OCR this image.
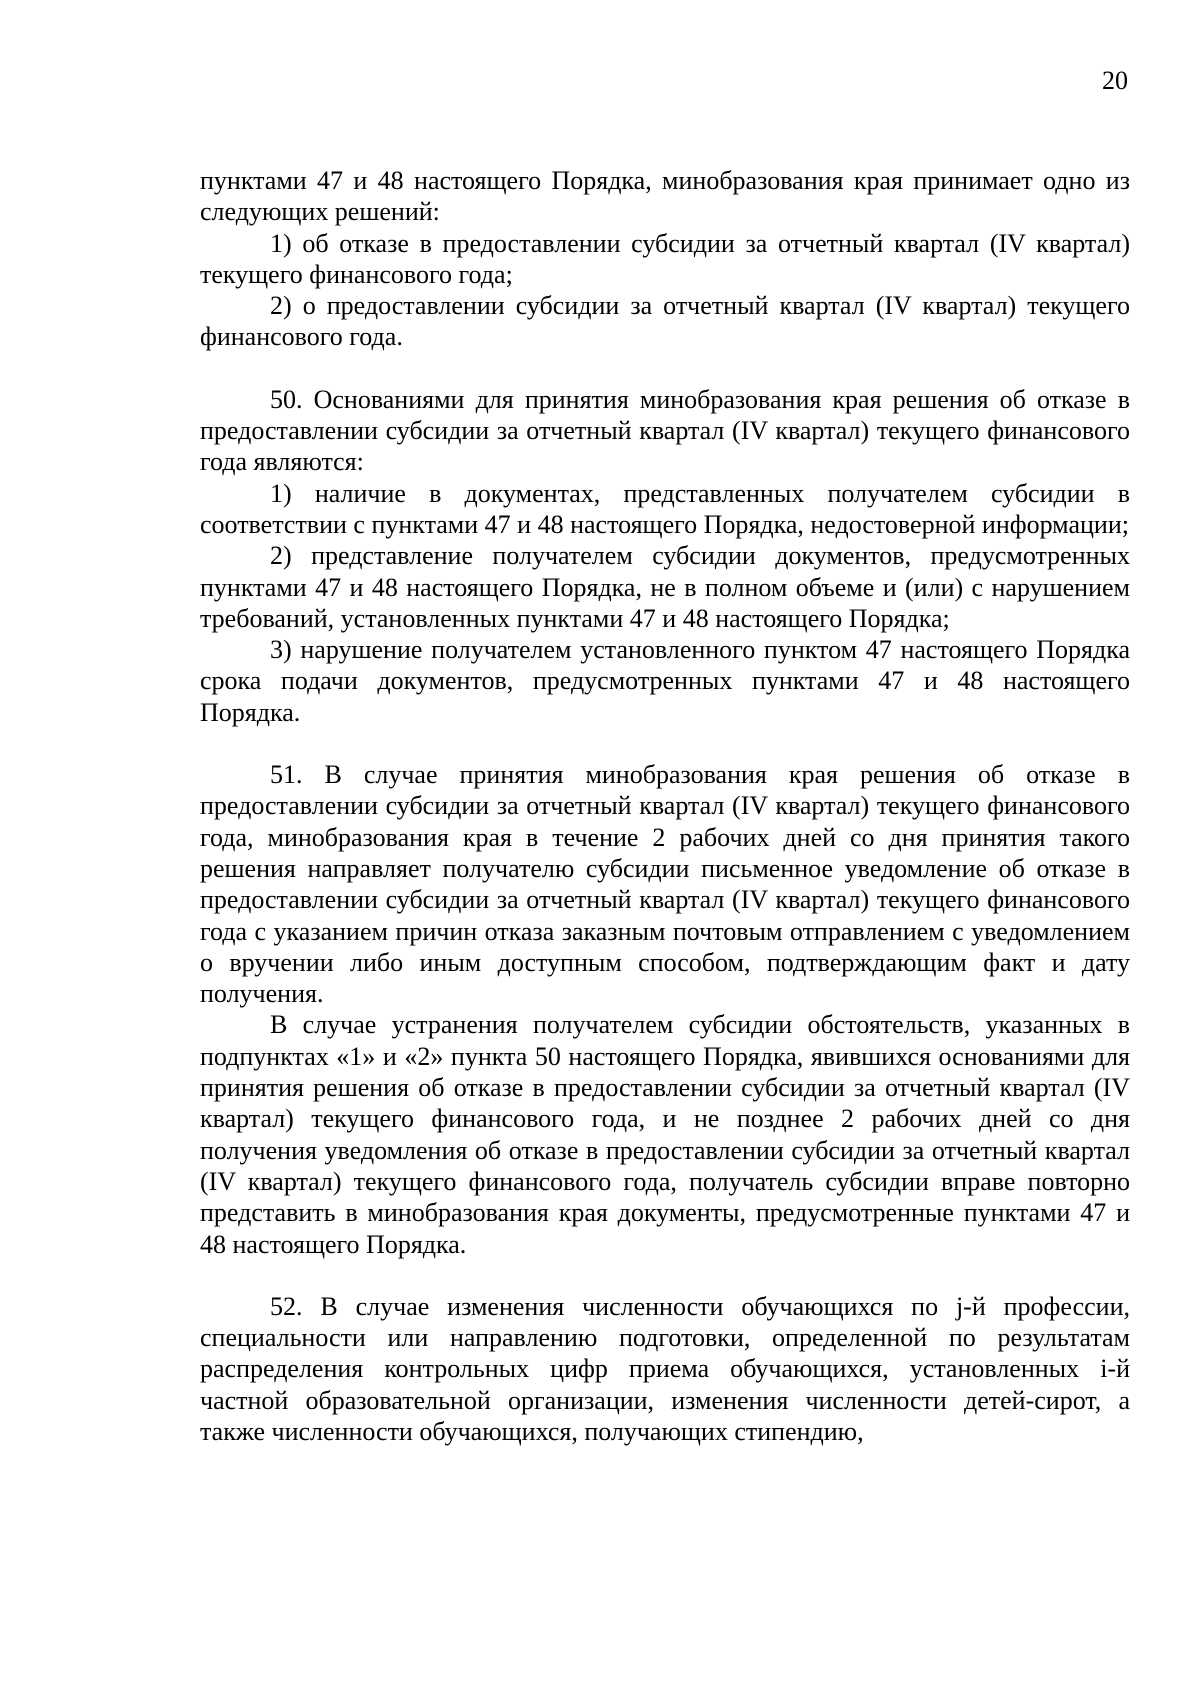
20

пунктами 47 и 48 настоящего Порядка, минобразования края принимает одно из следующих решений:

1) об отказе в предоставлении субсидии за отчетный квартал (IV квартал) текущего финансового года;

2) о предоставлении субсидии за отчетный квартал (IV квартал) текущего финансового года.

50. Основаниями для принятия минобразования края решения об отказе в предоставлении субсидии за отчетный квартал (IV квартал) текущего финансового года являются:

1) наличие в документах, представленных получателем субсидии в соответствии с пунктами 47 и 48 настоящего Порядка, недостоверной информации;

2) представление получателем субсидии документов, предусмотренных пунктами 47 и 48 настоящего Порядка, не в полном объеме и (или) с нарушением требований, установленных пунктами 47 и 48 настоящего Порядка;

3) нарушение получателем установленного пунктом 47 настоящего Порядка срока подачи документов, предусмотренных пунктами 47 и 48 настоящего Порядка.

51. В случае принятия минобразования края решения об отказе в предоставлении субсидии за отчетный квартал (IV квартал) текущего финансового года, минобразования края в течение 2 рабочих дней со дня принятия такого решения направляет получателю субсидии письменное уведомление об отказе в предоставлении субсидии за отчетный квартал (IV квартал) текущего финансового года с указанием причин отказа заказным почтовым отправлением с уведомлением о вручении либо иным доступным способом, подтверждающим факт и дату получения.

В случае устранения получателем субсидии обстоятельств, указанных в подпунктах «1» и «2» пункта 50 настоящего Порядка, явившихся основаниями для принятия решения об отказе в предоставлении субсидии за отчетный квартал (IV квартал) текущего финансового года, и не позднее 2 рабочих дней со дня получения уведомления об отказе в предоставлении субсидии за отчетный квартал (IV квартал) текущего финансового года, получатель субсидии вправе повторно представить в минобразования края документы, предусмотренные пунктами 47 и 48 настоящего Порядка.

52. В случае изменения численности обучающихся по j-й профессии, специальности или направлению подготовки, определенной по результатам распределения контрольных цифр приема обучающихся, установленных i-й частной образовательной организации, изменения численности детей-сирот, а также численности обучающихся, получающих стипендию,
